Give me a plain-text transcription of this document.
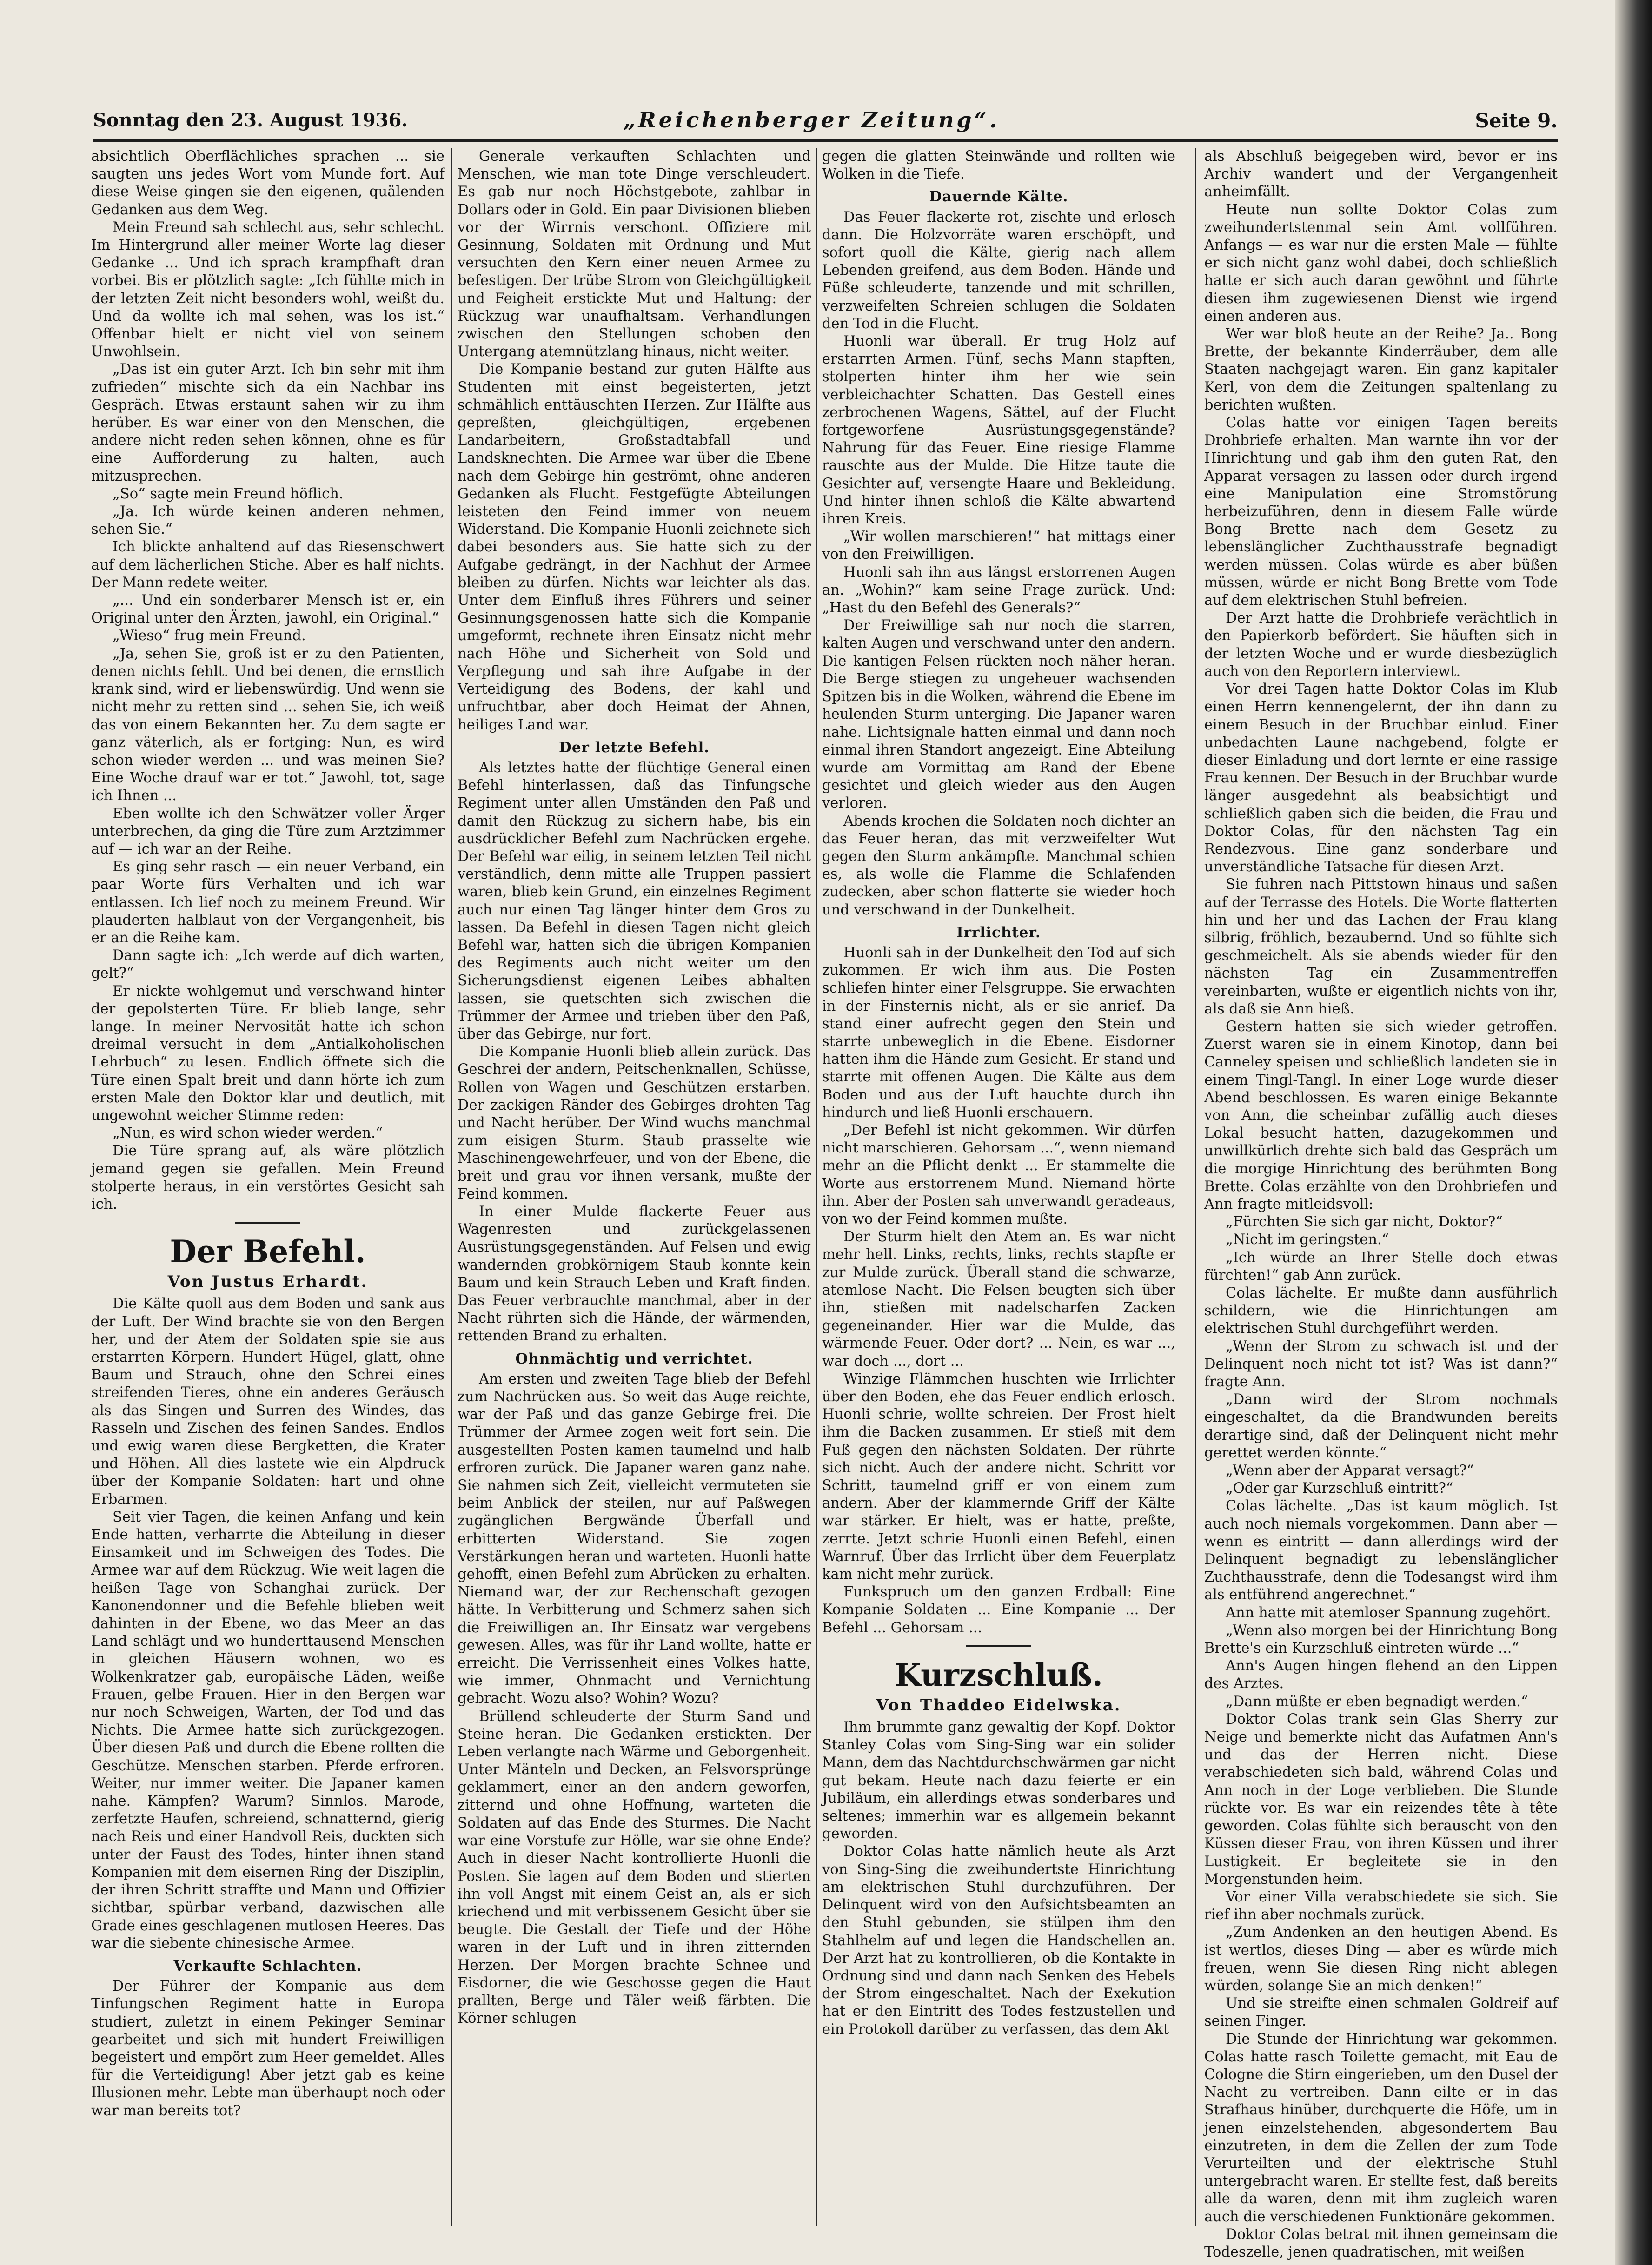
Sonntag den 23. August 1936.	„Reichenberger Zeitung“.	Seite 9.

absichtlich Oberflächliches sprachen ... sie saugten uns jedes Wort vom Munde fort. Auf diese Weise gingen sie den eigenen, quälenden Gedanken aus dem Weg.

Mein Freund sah schlecht aus, sehr schlecht. Im Hintergrund aller meiner Worte lag dieser Gedanke ... Und ich sprach krampfhaft dran vorbei. Bis er plötzlich sagte: „Ich fühlte mich in der letzten Zeit nicht besonders wohl, weißt du. Und da wollte ich mal sehen, was los ist.“ Offenbar hielt er nicht viel von seinem Unwohlsein.

„Das ist ein guter Arzt. Ich bin sehr mit ihm zufrieden“ mischte sich da ein Nachbar ins Gespräch. Etwas erstaunt sahen wir zu ihm herüber. Es war einer von den Menschen, die andere nicht reden sehen können, ohne es für eine Aufforderung zu halten, auch mitzusprechen.

„So“ sagte mein Freund höflich.

„Ja. Ich würde keinen anderen nehmen, sehen Sie.“

Ich blickte anhaltend auf das Riesenschwert auf dem lächerlichen Stiche. Aber es half nichts. Der Mann redete weiter.

„... Und ein sonderbarer Mensch ist er, ein Original unter den Ärzten, jawohl, ein Original.“

„Wieso“ frug mein Freund.

„Ja, sehen Sie, groß ist er zu den Patienten, denen nichts fehlt. Und bei denen, die ernstlich krank sind, wird er liebenswürdig. Und wenn sie nicht mehr zu retten sind ... sehen Sie, ich weiß das von einem Bekannten her. Zu dem sagte er ganz väterlich, als er fortging: Nun, es wird schon wieder werden ... und was meinen Sie? Eine Woche drauf war er tot.“ Jawohl, tot, sage ich Ihnen ...

Eben wollte ich den Schwätzer voller Ärger unterbrechen, da ging die Türe zum Arztzimmer auf — ich war an der Reihe.

Es ging sehr rasch — ein neuer Verband, ein paar Worte fürs Verhalten und ich war entlassen. Ich lief noch zu meinem Freund. Wir plauderten halblaut von der Vergangenheit, bis er an die Reihe kam.

Dann sagte ich: „Ich werde auf dich warten, gelt?“

Er nickte wohlgemut und verschwand hinter der gepolsterten Türe. Er blieb lange, sehr lange. In meiner Nervosität hatte ich schon dreimal versucht in dem „Antialkoholischen Lehrbuch“ zu lesen. Endlich öffnete sich die Türe einen Spalt breit und dann hörte ich zum ersten Male den Doktor klar und deutlich, mit ungewohnt weicher Stimme reden:

„Nun, es wird schon wieder werden.“

Die Türe sprang auf, als wäre plötzlich jemand gegen sie gefallen. Mein Freund stolperte heraus, in ein verstörtes Gesicht sah ich.

Der Befehl.
Von Justus Erhardt.

Die Kälte quoll aus dem Boden und sank aus der Luft. Der Wind brachte sie von den Bergen her, und der Atem der Soldaten spie sie aus erstarrten Körpern. Hundert Hügel, glatt, ohne Baum und Strauch, ohne den Schrei eines streifenden Tieres, ohne ein anderes Geräusch als das Singen und Surren des Windes, das Rasseln und Zischen des feinen Sandes. Endlos und ewig waren diese Bergketten, die Krater und Höhen. All dies lastete wie ein Alpdruck über der Kompanie Soldaten: hart und ohne Erbarmen.

Seit vier Tagen, die keinen Anfang und kein Ende hatten, verharrte die Abteilung in dieser Einsamkeit und im Schweigen des Todes. Die Armee war auf dem Rückzug. Wie weit lagen die heißen Tage von Schanghai zurück. Der Kanonendonner und die Befehle blieben weit dahinten in der Ebene, wo das Meer an das Land schlägt und wo hunderttausend Menschen in gleichen Häusern wohnen, wo es Wolkenkratzer gab, europäische Läden, weiße Frauen, gelbe Frauen. Hier in den Bergen war nur noch Schweigen, Warten, der Tod und das Nichts. Die Armee hatte sich zurückgezogen. Über diesen Paß und durch die Ebene rollten die Geschütze. Menschen starben. Pferde erfroren. Weiter, nur immer weiter. Die Japaner kamen nahe. Kämpfen? Warum? Sinnlos. Marode, zerfetzte Haufen, schreiend, schnatternd, gierig nach Reis und einer Handvoll Reis, duckten sich unter der Faust des Todes, hinter ihnen stand Kompanien mit dem eisernen Ring der Disziplin, der ihren Schritt straffte und Mann und Offizier sichtbar, spürbar verband, dazwischen alle Grade eines geschlagenen mutlosen Heeres. Das war die siebente chinesische Armee.

Verkaufte Schlachten.

Der Führer der Kompanie aus dem Tinfungschen Regiment hatte in Europa studiert, zuletzt in einem Pekinger Seminar gearbeitet und sich mit hundert Freiwilligen begeistert und empört zum Heer gemeldet. Alles für die Verteidigung! Aber jetzt gab es keine Illusionen mehr. Lebte man überhaupt noch oder war man bereits tot?

Generale verkauften Schlachten und Menschen, wie man tote Dinge verschleudert. Es gab nur noch Höchstgebote, zahlbar in Dollars oder in Gold. Ein paar Divisionen blieben vor der Wirrnis verschont. Offiziere mit Gesinnung, Soldaten mit Ordnung und Mut versuchten den Kern einer neuen Armee zu befestigen. Der trübe Strom von Gleichgültigkeit und Feigheit erstickte Mut und Haltung: der Rückzug war unaufhaltsam. Verhandlungen zwischen den Stellungen schoben den Untergang atemnützlang hinaus, nicht weiter.

Die Kompanie bestand zur guten Hälfte aus Studenten mit einst begeisterten, jetzt schmählich enttäuschten Herzen. Zur Hälfte aus gepreßten, gleichgültigen, ergebenen Landarbeitern, Großstadtabfall und Landsknechten. Die Armee war über die Ebene nach dem Gebirge hin geströmt, ohne anderen Gedanken als Flucht. Festgefügte Abteilungen leisteten den Feind immer von neuem Widerstand. Die Kompanie Huonli zeichnete sich dabei besonders aus. Sie hatte sich zu der Aufgabe gedrängt, in der Nachhut der Armee bleiben zu dürfen. Nichts war leichter als das. Unter dem Einfluß ihres Führers und seiner Gesinnungsgenossen hatte sich die Kompanie umgeformt, rechnete ihren Einsatz nicht mehr nach Höhe und Sicherheit von Sold und Verpflegung und sah ihre Aufgabe in der Verteidigung des Bodens, der kahl und unfruchtbar, aber doch Heimat der Ahnen, heiliges Land war.

Der letzte Befehl.

Als letztes hatte der flüchtige General einen Befehl hinterlassen, daß das Tinfungsche Regiment unter allen Umständen den Paß und damit den Rückzug zu sichern habe, bis ein ausdrücklicher Befehl zum Nachrücken ergehe. Der Befehl war eilig, in seinem letzten Teil nicht verständlich, denn mitte alle Truppen passiert waren, blieb kein Grund, ein einzelnes Regiment auch nur einen Tag länger hinter dem Gros zu lassen. Da Befehl in diesen Tagen nicht gleich Befehl war, hatten sich die übrigen Kompanien des Regiments auch nicht weiter um den Sicherungsdienst eigenen Leibes abhalten lassen, sie quetschten sich zwischen die Trümmer der Armee und trieben über den Paß, über das Gebirge, nur fort.

Die Kompanie Huonli blieb allein zurück. Das Geschrei der andern, Peitschenknallen, Schüsse, Rollen von Wagen und Geschützen erstarben. Der zackigen Ränder des Gebirges drohten Tag und Nacht herüber. Der Wind wuchs manchmal zum eisigen Sturm. Staub prasselte wie Maschinengewehrfeuer, und von der Ebene, die breit und grau vor ihnen versank, mußte der Feind kommen.

In einer Mulde flackerte Feuer aus Wagenresten und zurückgelassenen Ausrüstungsgegenständen. Auf Felsen und ewig wandernden grobkörnigem Staub konnte kein Baum und kein Strauch Leben und Kraft finden. Das Feuer verbrauchte manchmal, aber in der Nacht rührten sich die Hände, der wärmenden, rettenden Brand zu erhalten.

Ohnmächtig und verrichtet.

Am ersten und zweiten Tage blieb der Befehl zum Nachrücken aus. So weit das Auge reichte, war der Paß und das ganze Gebirge frei. Die Trümmer der Armee zogen weit fort sein. Die ausgestellten Posten kamen taumelnd und halb erfroren zurück. Die Japaner waren ganz nahe. Sie nahmen sich Zeit, vielleicht vermuteten sie beim Anblick der steilen, nur auf Paßwegen zugänglichen Bergwände Überfall und erbitterten Widerstand. Sie zogen Verstärkungen heran und warteten. Huonli hatte gehofft, einen Befehl zum Abrücken zu erhalten. Niemand war, der zur Rechenschaft gezogen hätte. In Verbitterung und Schmerz sahen sich die Freiwilligen an. Ihr Einsatz war vergebens gewesen. Alles, was für ihr Land wollte, hatte er erreicht. Die Verrissenheit eines Volkes hatte, wie immer, Ohnmacht und Vernichtung gebracht. Wozu also? Wohin? Wozu?

Brüllend schleuderte der Sturm Sand und Steine heran. Die Gedanken erstickten. Der Leben verlangte nach Wärme und Geborgenheit. Unter Mänteln und Decken, an Felsvorsprünge geklammert, einer an den andern geworfen, zitternd und ohne Hoffnung, warteten die Soldaten auf das Ende des Sturmes. Die Nacht war eine Vorstufe zur Hölle, war sie ohne Ende? Auch in dieser Nacht kontrollierte Huonli die Posten. Sie lagen auf dem Boden und stierten ihn voll Angst mit einem Geist an, als er sich kriechend und mit verbissenem Gesicht über sie beugte. Die Gestalt der Tiefe und der Höhe waren in der Luft und in ihren zitternden Herzen. Der Morgen brachte Schnee und Eisdorner, die wie Geschosse gegen die Haut prallten, Berge und Täler weiß färbten. Die Körner schlugen

gegen die glatten Steinwände und rollten wie Wolken in die Tiefe.

Dauernde Kälte.

Das Feuer flackerte rot, zischte und erlosch dann. Die Holzvorräte waren erschöpft, und sofort quoll die Kälte, gierig nach allem Lebenden greifend, aus dem Boden. Hände und Füße schleuderte, tanzende und mit schrillen, verzweifelten Schreien schlugen die Soldaten den Tod in die Flucht.

Huonli war überall. Er trug Holz auf erstarrten Armen. Fünf, sechs Mann stapften, stolperten hinter ihm her wie sein verbleichachter Schatten. Das Gestell eines zerbrochenen Wagens, Sättel, auf der Flucht fortgeworfene Ausrüstungsgegenstände? Nahrung für das Feuer. Eine riesige Flamme rauschte aus der Mulde. Die Hitze taute die Gesichter auf, versengte Haare und Bekleidung. Und hinter ihnen schloß die Kälte abwartend ihren Kreis.

„Wir wollen marschieren!“ hat mittags einer von den Freiwilligen.

Huonli sah ihn aus längst erstorrenen Augen an. „Wohin?“ kam seine Frage zurück. Und: „Hast du den Befehl des Generals?“

Der Freiwillige sah nur noch die starren, kalten Augen und verschwand unter den andern. Die kantigen Felsen rückten noch näher heran. Die Berge stiegen zu ungeheuer wachsenden Spitzen bis in die Wolken, während die Ebene im heulenden Sturm unterging. Die Japaner waren nahe. Lichtsignale hatten einmal und dann noch einmal ihren Standort angezeigt. Eine Abteilung wurde am Vormittag am Rand der Ebene gesichtet und gleich wieder aus den Augen verloren.

Abends krochen die Soldaten noch dichter an das Feuer heran, das mit verzweifelter Wut gegen den Sturm ankämpfte. Manchmal schien es, als wolle die Flamme die Schlafenden zudecken, aber schon flatterte sie wieder hoch und verschwand in der Dunkelheit.

Irrlichter.

Huonli sah in der Dunkelheit den Tod auf sich zukommen. Er wich ihm aus. Die Posten schliefen hinter einer Felsgruppe. Sie erwachten in der Finsternis nicht, als er sie anrief. Da stand einer aufrecht gegen den Stein und starrte unbeweglich in die Ebene. Eisdorner hatten ihm die Hände zum Gesicht. Er stand und starrte mit offenen Augen. Die Kälte aus dem Boden und aus der Luft hauchte durch ihn hindurch und ließ Huonli erschauern.

„Der Befehl ist nicht gekommen. Wir dürfen nicht marschieren. Gehorsam ...“, wenn niemand mehr an die Pflicht denkt ... Er stammelte die Worte aus erstorrenem Mund. Niemand hörte ihn. Aber der Posten sah unverwandt geradeaus, von wo der Feind kommen mußte.

Der Sturm hielt den Atem an. Es war nicht mehr hell. Links, rechts, links, rechts stapfte er zur Mulde zurück. Überall stand die schwarze, atemlose Nacht. Die Felsen beugten sich über ihn, stießen mit nadelscharfen Zacken gegeneinander. Hier war die Mulde, das wärmende Feuer. Oder dort? ... Nein, es war ..., war doch ..., dort ...

Winzige Flämmchen huschten wie Irrlichter über den Boden, ehe das Feuer endlich erlosch. Huonli schrie, wollte schreien. Der Frost hielt ihm die Backen zusammen. Er stieß mit dem Fuß gegen den nächsten Soldaten. Der rührte sich nicht. Auch der andere nicht. Schritt vor Schritt, taumelnd griff er von einem zum andern. Aber der klammernde Griff der Kälte war stärker. Er hielt, was er hatte, preßte, zerrte. Jetzt schrie Huonli einen Befehl, einen Warnruf. Über das Irrlicht über dem Feuerplatz kam nicht mehr zurück.

Funkspruch um den ganzen Erdball: Eine Kompanie Soldaten ... Eine Kompanie ... Der Befehl ... Gehorsam ...

Kurzschluß.
Von Thaddeo Eidelwska.

Ihm brummte ganz gewaltig der Kopf. Doktor Stanley Colas vom Sing-Sing war ein solider Mann, dem das Nachtdurchschwärmen gar nicht gut bekam. Heute nach dazu feierte er ein Jubiläum, ein allerdings etwas sonderbares und seltenes; immerhin war es allgemein bekannt geworden.

Doktor Colas hatte nämlich heute als Arzt von Sing-Sing die zweihundertste Hinrichtung am elektrischen Stuhl durchzuführen. Der Delinquent wird von den Aufsichtsbeamten an den Stuhl gebunden, sie stülpen ihm den Stahlhelm auf und legen die Handschellen an. Der Arzt hat zu kontrollieren, ob die Kontakte in Ordnung sind und dann nach Senken des Hebels der Strom eingeschaltet. Nach der Exekution hat er den Eintritt des Todes festzustellen und ein Protokoll darüber zu verfassen, das dem Akt

als Abschluß beigegeben wird, bevor er ins Archiv wandert und der Vergangenheit anheimfällt.

Heute nun sollte Doktor Colas zum zweihundertstenmal sein Amt vollführen. Anfangs — es war nur die ersten Male — fühlte er sich nicht ganz wohl dabei, doch schließlich hatte er sich auch daran gewöhnt und führte diesen ihm zugewiesenen Dienst wie irgend einen anderen aus.

Wer war bloß heute an der Reihe? Ja.. Bong Brette, der bekannte Kinderräuber, dem alle Staaten nachgejagt waren. Ein ganz kapitaler Kerl, von dem die Zeitungen spaltenlang zu berichten wußten.

Colas hatte vor einigen Tagen bereits Drohbriefe erhalten. Man warnte ihn vor der Hinrichtung und gab ihm den guten Rat, den Apparat versagen zu lassen oder durch irgend eine Manipulation eine Stromstörung herbeizuführen, denn in diesem Falle würde Bong Brette nach dem Gesetz zu lebenslänglicher Zuchthausstrafe begnadigt werden müssen. Colas würde es aber büßen müssen, würde er nicht Bong Brette vom Tode auf dem elektrischen Stuhl befreien.

Der Arzt hatte die Drohbriefe verächtlich in den Papierkorb befördert. Sie häuften sich in der letzten Woche und er wurde diesbezüglich auch von den Reportern interviewt.

Vor drei Tagen hatte Doktor Colas im Klub einen Herrn kennengelernt, der ihn dann zu einem Besuch in der Bruchbar einlud. Einer unbedachten Laune nachgebend, folgte er dieser Einladung und dort lernte er eine rassige Frau kennen. Der Besuch in der Bruchbar wurde länger ausgedehnt als beabsichtigt und schließlich gaben sich die beiden, die Frau und Doktor Colas, für den nächsten Tag ein Rendezvous. Eine ganz sonderbare und unverständliche Tatsache für diesen Arzt.

Sie fuhren nach Pittstown hinaus und saßen auf der Terrasse des Hotels. Die Worte flatterten hin und her und das Lachen der Frau klang silbrig, fröhlich, bezaubernd. Und so fühlte sich geschmeichelt. Als sie abends wieder für den nächsten Tag ein Zusammentreffen vereinbarten, wußte er eigentlich nichts von ihr, als daß sie Ann hieß.

Gestern hatten sie sich wieder getroffen. Zuerst waren sie in einem Kinotop, dann bei Canneley speisen und schließlich landeten sie in einem Tingl-Tangl. In einer Loge wurde dieser Abend beschlossen. Es waren einige Bekannte von Ann, die scheinbar zufällig auch dieses Lokal besucht hatten, dazugekommen und unwillkürlich drehte sich bald das Gespräch um die morgige Hinrichtung des berühmten Bong Brette. Colas erzählte von den Drohbriefen und Ann fragte mitleidsvoll:

„Fürchten Sie sich gar nicht, Doktor?“

„Nicht im geringsten.“

„Ich würde an Ihrer Stelle doch etwas fürchten!“ gab Ann zurück.

Colas lächelte. Er mußte dann ausführlich schildern, wie die Hinrichtungen am elektrischen Stuhl durchgeführt werden.

„Wenn der Strom zu schwach ist und der Delinquent noch nicht tot ist? Was ist dann?“ fragte Ann.

„Dann wird der Strom nochmals eingeschaltet, da die Brandwunden bereits derartige sind, daß der Delinquent nicht mehr gerettet werden könnte.“

„Wenn aber der Apparat versagt?“

„Oder gar Kurzschluß eintritt?“

Colas lächelte. „Das ist kaum möglich. Ist auch noch niemals vorgekommen. Dann aber — wenn es eintritt — dann allerdings wird der Delinquent begnadigt zu lebenslänglicher Zuchthausstrafe, denn die Todesangst wird ihm als entführend angerechnet.“

Ann hatte mit atemloser Spannung zugehört.

„Wenn also morgen bei der Hinrichtung Bong Brette's ein Kurzschluß eintreten würde ...“

Ann's Augen hingen flehend an den Lippen des Arztes.

„Dann müßte er eben begnadigt werden.“

Doktor Colas trank sein Glas Sherry zur Neige und bemerkte nicht das Aufatmen Ann's und das der Herren nicht. Diese verabschiedeten sich bald, während Colas und Ann noch in der Loge verblieben. Die Stunde rückte vor. Es war ein reizendes tête à tête geworden. Colas fühlte sich berauscht von den Küssen dieser Frau, von ihren Küssen und ihrer Lustigkeit. Er begleitete sie in den Morgenstunden heim.

Vor einer Villa verabschiedete sie sich. Sie rief ihn aber nochmals zurück.

„Zum Andenken an den heutigen Abend. Es ist wertlos, dieses Ding — aber es würde mich freuen, wenn Sie diesen Ring nicht ablegen würden, solange Sie an mich denken!“

Und sie streifte einen schmalen Goldreif auf seinen Finger.

Die Stunde der Hinrichtung war gekommen. Colas hatte rasch Toilette gemacht, mit Eau de Cologne die Stirn eingerieben, um den Dusel der Nacht zu vertreiben. Dann eilte er in das Strafhaus hinüber, durchquerte die Höfe, um in jenen einzelstehenden, abgesondertem Bau einzutreten, in dem die Zellen der zum Tode Verurteilten und der elektrische Stuhl untergebracht waren. Er stellte fest, daß bereits alle da waren, denn mit ihm zugleich waren auch die verschiedenen Funktionäre gekommen.

Doktor Colas betrat mit ihnen gemeinsam die Todeszelle, jenen quadratischen, mit weißen
